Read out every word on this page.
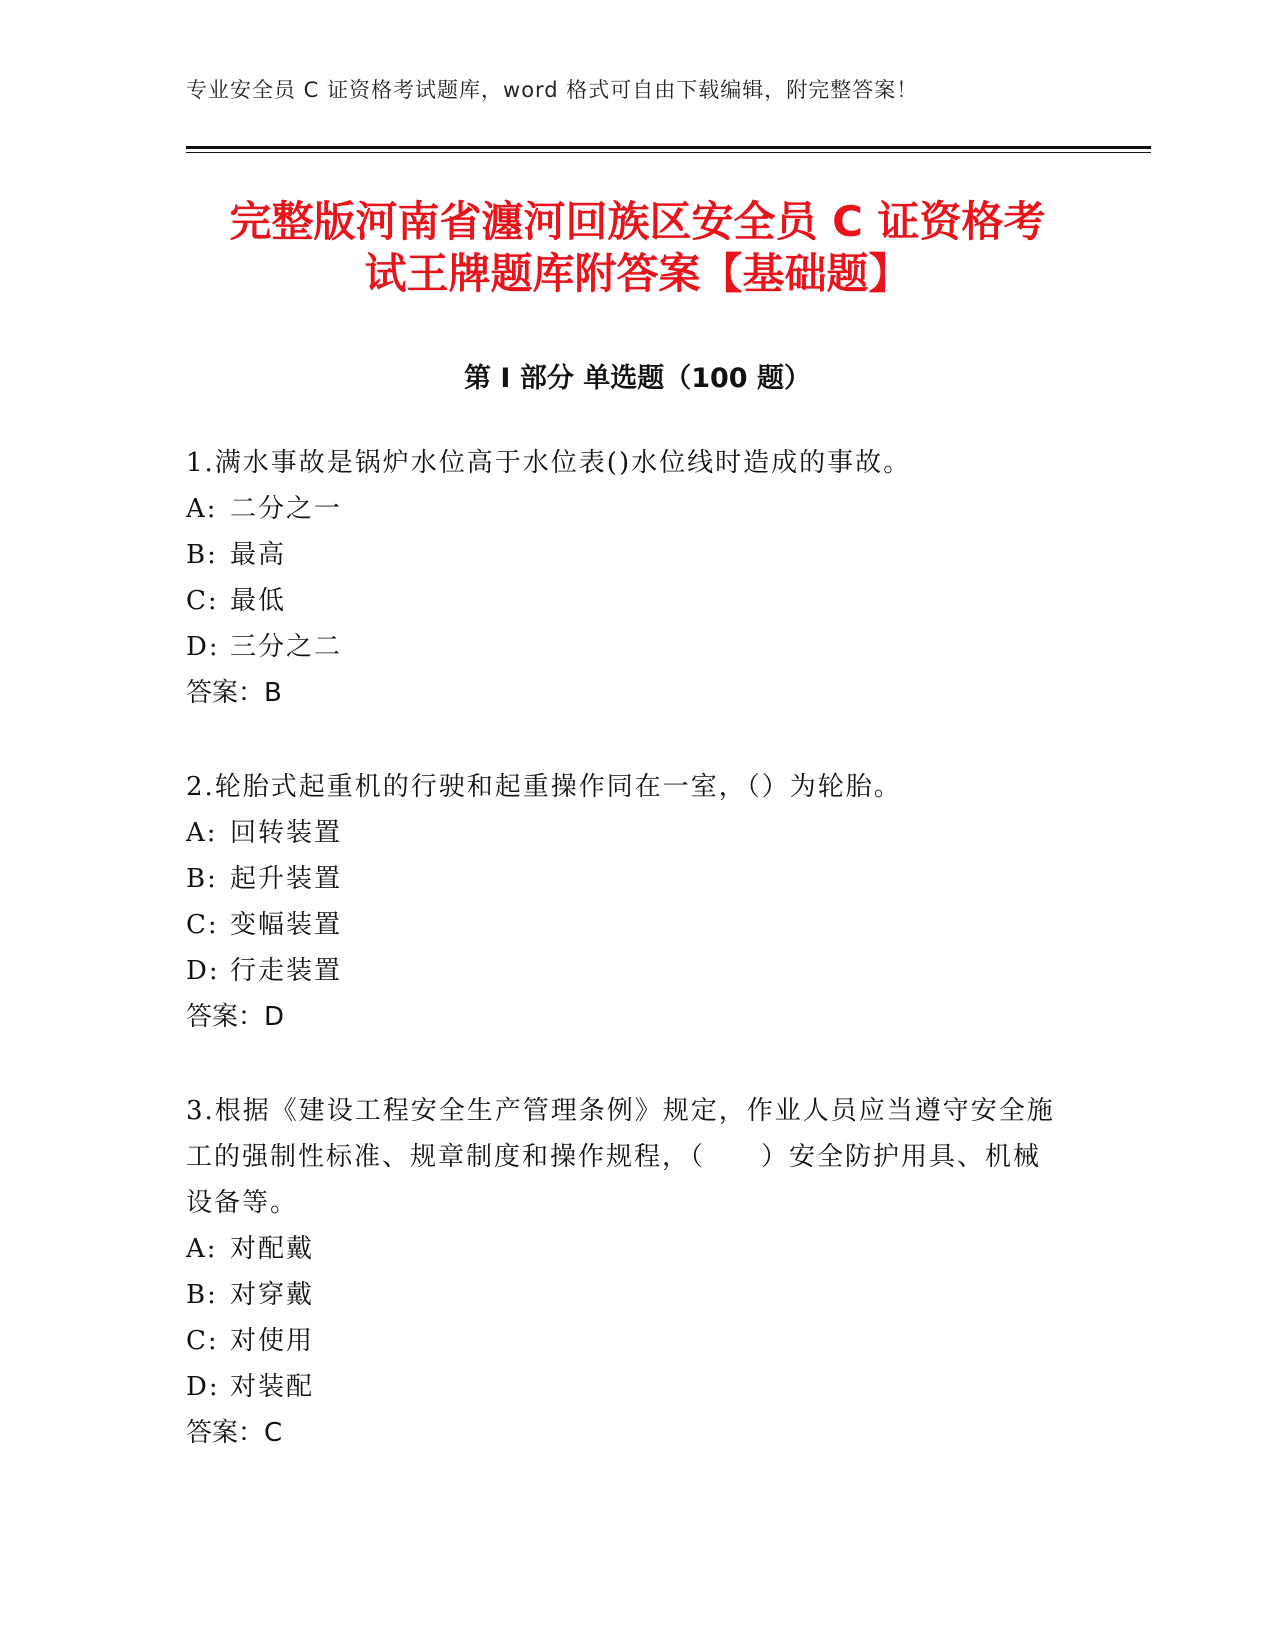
专业安全员 C 证资格考试题库，word 格式可自由下载编辑，附完整答案！
完整版河南省瀍河回族区安全员 C 证资格考
试王牌题库附答案【基础题】
第 I 部分 单选题（100 题）
1.满水事故是锅炉水位高于水位表()水位线时造成的事故。
A: 二分之一
B: 最高
C: 最低
D: 三分之二
答案：B
2.轮胎式起重机的行驶和起重操作同在一室，（）为轮胎。
A: 回转装置
B: 起升装置
C: 变幅装置
D: 行走装置
答案：D
3.根据《建设工程安全生产管理条例》规定，作业人员应当遵守安全施工的强制性标准、规章制度和操作规程，（　　）安全防护用具、机械设备等。
A: 对配戴
B: 对穿戴
C: 对使用
D: 对装配
答案：C
